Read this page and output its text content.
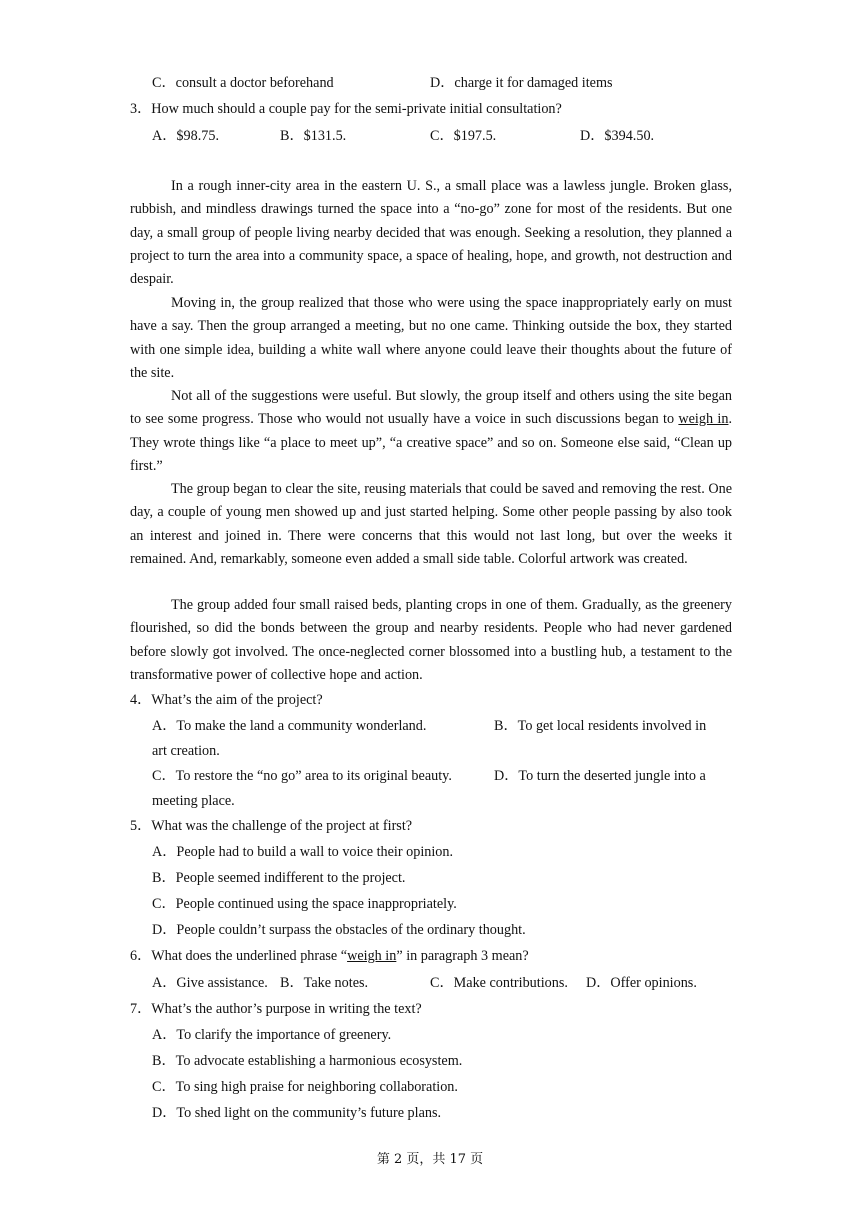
C．consult a doctor beforehand	D．charge it for damaged items
3．How much should a couple pay for the semi-private initial consultation?
A．$98.75.	B．$131.5.	C．$197.5.	D．$394.50.
In a rough inner-city area in the eastern U. S., a small place was a lawless jungle. Broken glass, rubbish, and mindless drawings turned the space into a “no-go” zone for most of the residents. But one day, a small group of people living nearby decided that was enough. Seeking a resolution, they planned a project to turn the area into a community space, a space of healing, hope, and growth, not destruction and despair.
Moving in, the group realized that those who were using the space inappropriately early on must have a say. Then the group arranged a meeting, but no one came. Thinking outside the box, they started with one simple idea, building a white wall where anyone could leave their thoughts about the future of the site.
Not all of the suggestions were useful. But slowly, the group itself and others using the site began to see some progress. Those who would not usually have a voice in such discussions began to weigh in. They wrote things like “a place to meet up”, “a creative space” and so on. Someone else said, “Clean up first.”
The group began to clear the site, reusing materials that could be saved and removing the rest. One day, a couple of young men showed up and just started helping. Some other people passing by also took an interest and joined in. There were concerns that this would not last long, but over the weeks it remained. And, remarkably, someone even added a small side table. Colorful artwork was created.
The group added four small raised beds, planting crops in one of them. Gradually, as the greenery flourished, so did the bonds between the group and nearby residents. People who had never gardened before slowly got involved. The once-neglected corner blossomed into a bustling hub, a testament to the transformative power of collective hope and action.
4．What’s the aim of the project?
A．To make the land a community wonderland.	B．To get local residents involved in
art creation.
C．To restore the “no go” area to its original beauty.	D．To turn the deserted jungle into a
meeting place.
5．What was the challenge of the project at first?
A．People had to build a wall to voice their opinion.
B．People seemed indifferent to the project.
C．People continued using the space inappropriately.
D．People couldn’t surpass the obstacles of the ordinary thought.
6．What does the underlined phrase “weigh in” in paragraph 3 mean?
A．Give assistance. B．Take notes.	C．Make contributions. D．Offer opinions.
7．What’s the author’s purpose in writing the text?
A．To clarify the importance of greenery.
B．To advocate establishing a harmonious ecosystem.
C．To sing high praise for neighboring collaboration.
D．To shed light on the community’s future plans.
第 2 页，共 17 页
